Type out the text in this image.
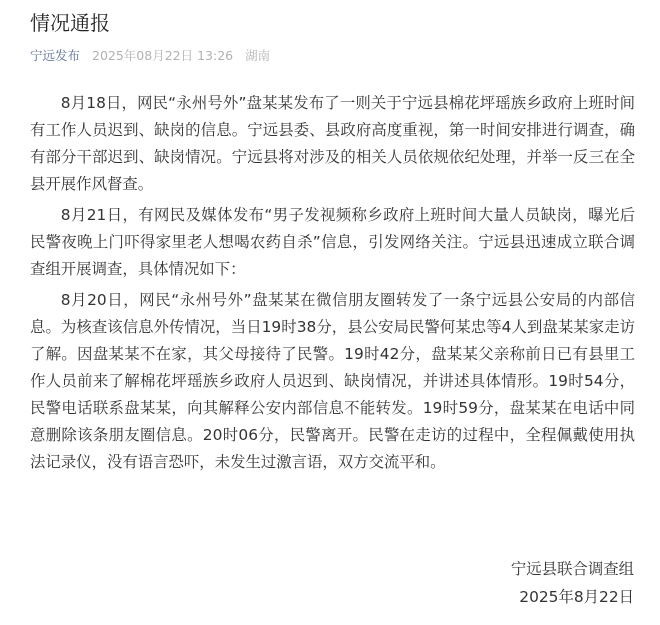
情况通报
宁远发布 2025年08月22日 13:26 湖南

8月18日，网民“永州号外”盘某某发布了一则关于宁远县棉花坪瑶族乡政府上班时间有工作人员迟到、缺岗的信息。宁远县委、县政府高度重视，第一时间安排进行调查，确有部分干部迟到、缺岗情况。宁远县将对涉及的相关人员依规依纪处理，并举一反三在全县开展作风督查。

8月21日，有网民及媒体发布“男子发视频称乡政府上班时间大量人员缺岗，曝光后民警夜晚上门吓得家里老人想喝农药自杀”信息，引发网络关注。宁远县迅速成立联合调查组开展调查，具体情况如下：

8月20日，网民“永州号外”盘某某在微信朋友圈转发了一条宁远县公安局的内部信息。为核查该信息外传情况，当日19时38分，县公安局民警何某忠等4人到盘某某家走访了解。因盘某某不在家，其父母接待了民警。19时42分，盘某某父亲称前日已有县里工作人员前来了解棉花坪瑶族乡政府人员迟到、缺岗情况，并讲述具体情形。19时54分，民警电话联系盘某某，向其解释公安内部信息不能转发。19时59分，盘某某在电话中同意删除该条朋友圈信息。20时06分，民警离开。民警在走访的过程中，全程佩戴使用执法记录仪，没有语言恐吓，未发生过激言语，双方交流平和。

宁远县联合调查组
2025年8月22日
